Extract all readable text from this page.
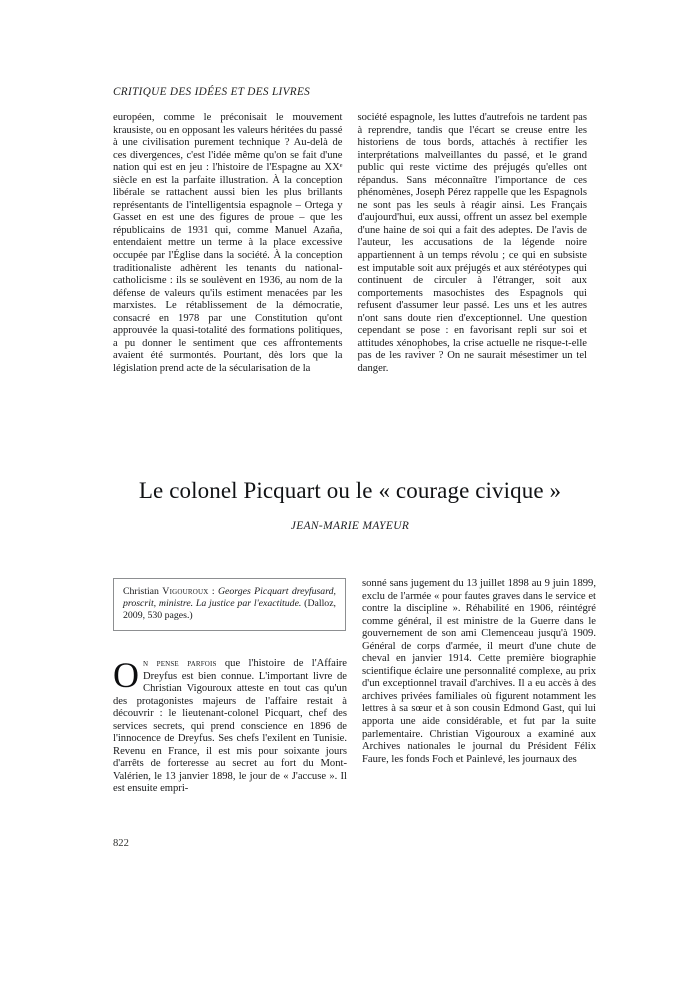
CRITIQUE DES IDÉES ET DES LIVRES

européen, comme le préconisait le mouvement krausiste, ou en opposant les valeurs héritées du passé à une civilisation purement technique ? Au-delà de ces divergences, c'est l'idée même qu'on se fait d'une nation qui est en jeu : l'histoire de l'Espagne au XXᵉ siècle en est la parfaite illustration. À la conception libérale se rattachent aussi bien les plus brillants représentants de l'intelligentsia espagnole – Ortega y Gasset en est une des figures de proue – que les républicains de 1931 qui, comme Manuel Azaña, entendaient mettre un terme à la place excessive occupée par l'Église dans la société. À la conception traditionaliste adhèrent les tenants du national-catholicisme : ils se soulèvent en 1936, au nom de la défense de valeurs qu'ils estiment menacées par les marxistes. Le rétablissement de la démocratie, consacré en 1978 par une Constitution qu'ont approuvée la quasi-totalité des formations politiques, a pu donner le sentiment que ces affrontements avaient été surmontés. Pourtant, dès lors que la législation prend acte de la sécularisation de la

société espagnole, les luttes d'autrefois ne tardent pas à reprendre, tandis que l'écart se creuse entre les historiens de tous bords, attachés à rectifier les interprétations malveillantes du passé, et le grand public qui reste victime des préjugés qu'elles ont répandus. Sans méconnaître l'importance de ces phénomènes, Joseph Pérez rappelle que les Espagnols ne sont pas les seuls à réagir ainsi. Les Français d'aujourd'hui, eux aussi, offrent un assez bel exemple d'une haine de soi qui a fait des adeptes. De l'avis de l'auteur, les accusations de la légende noire appartiennent à un temps révolu ; ce qui en subsiste est imputable soit aux préjugés et aux stéréotypes qui continuent de circuler à l'étranger, soit aux comportements masochistes des Espagnols qui refusent d'assumer leur passé. Les uns et les autres n'ont sans doute rien d'exceptionnel. Une question cependant se pose : en favorisant repli sur soi et attitudes xénophobes, la crise actuelle ne risque-t-elle pas de les raviver ? On ne saurait mésestimer un tel danger.

Le colonel Picquart ou le « courage civique »
JEAN-MARIE MAYEUR

Christian Vigouroux : Georges Picquart dreyfusard, proscrit, ministre. La justice par l'exactitude. (Dalloz, 2009, 530 pages.)

On pense parfois que l'histoire de l'Affaire Dreyfus est bien connue. L'important livre de Christian Vigouroux atteste en tout cas qu'un des protagonistes majeurs de l'affaire restait à découvrir : le lieutenant-colonel Picquart, chef des services secrets, qui prend conscience en 1896 de l'innocence de Dreyfus. Ses chefs l'exilent en Tunisie. Revenu en France, il est mis pour soixante jours d'arrêts de forteresse au secret au fort du Mont-Valérien, le 13 janvier 1898, le jour de « J'accuse ». Il est ensuite empri-

sonné sans jugement du 13 juillet 1898 au 9 juin 1899, exclu de l'armée « pour fautes graves dans le service et contre la discipline ». Réhabilité en 1906, réintégré comme général, il est ministre de la Guerre dans le gouvernement de son ami Clemenceau jusqu'à 1909. Général de corps d'armée, il meurt d'une chute de cheval en janvier 1914. Cette première biographie scientifique éclaire une personnalité complexe, au prix d'un exceptionnel travail d'archives. Il a eu accès à des archives privées familiales où figurent notamment les lettres à sa sœur et à son cousin Edmond Gast, qui lui apporta une aide considérable, et fut par la suite parlementaire. Christian Vigouroux a examiné aux Archives nationales le journal du Président Félix Faure, les fonds Foch et Painlevé, les journaux des

822
